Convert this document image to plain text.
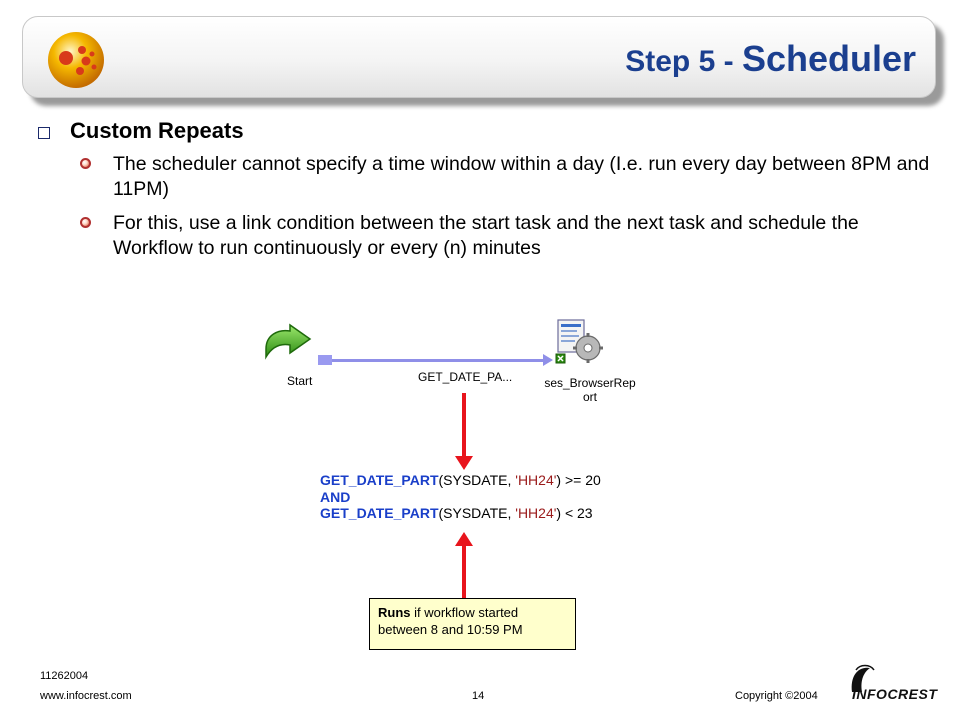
Step 5 - Scheduler
Custom Repeats
The scheduler cannot specify a time window within a day (I.e. run every day between 8PM and 11PM)
For this, use a link condition between the start task and the next task and schedule the Workflow to run continuously or every (n) minutes
Start	GET_DATE_PA...	ses_BrowserRep ort
GET_DATE_PART(SYSDATE, 'HH24') >= 20
AND
GET_DATE_PART(SYSDATE, 'HH24') < 23
Runs if workflow started
between 8 and 10:59 PM
11262004
www.infocrest.com	14	Copyright ©2004 INFOCREST
